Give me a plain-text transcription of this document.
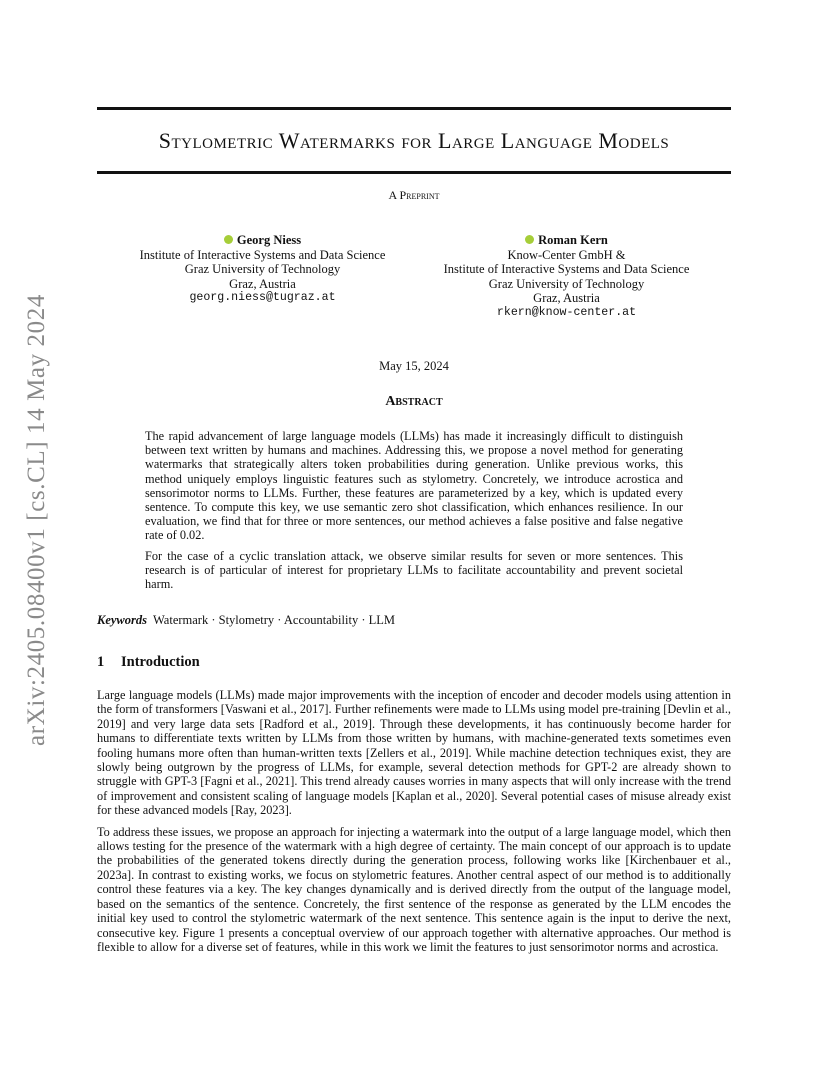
arXiv:2405.08400v1 [cs.CL] 14 May 2024
Stylometric Watermarks for Large Language Models
A Preprint
Georg Niess
Institute of Interactive Systems and Data Science
Graz University of Technology
Graz, Austria
georg.niess@tugraz.at
Roman Kern
Know-Center GmbH &
Institute of Interactive Systems and Data Science
Graz University of Technology
Graz, Austria
rkern@know-center.at
May 15, 2024
Abstract

The rapid advancement of large language models (LLMs) has made it increasingly difficult to distinguish between text written by humans and machines. Addressing this, we propose a novel method for generating watermarks that strategically alters token probabilities during generation. Unlike previous works, this method uniquely employs linguistic features such as stylometry. Concretely, we introduce acrostica and sensorimotor norms to LLMs. Further, these features are parameterized by a key, which is updated every sentence. To compute this key, we use semantic zero shot classification, which enhances resilience. In our evaluation, we find that for three or more sentences, our method achieves a false positive and false negative rate of 0.02.

For the case of a cyclic translation attack, we observe similar results for seven or more sentences. This research is of particular of interest for proprietary LLMs to facilitate accountability and prevent societal harm.

Keywords Watermark · Stylometry · Accountability · LLM
1 Introduction

Large language models (LLMs) made major improvements with the inception of encoder and decoder models using attention in the form of transformers [Vaswani et al., 2017]. Further refinements were made to LLMs using model pre-training [Devlin et al., 2019] and very large data sets [Radford et al., 2019]. Through these developments, it has continuously become harder for humans to differentiate texts written by LLMs from those written by humans, with machine-generated texts sometimes even fooling humans more often than human-written texts [Zellers et al., 2019]. While machine detection techniques exist, they are slowly being outgrown by the progress of LLMs, for example, several detection methods for GPT-2 are already shown to struggle with GPT-3 [Fagni et al., 2021]. This trend already causes worries in many aspects that will only increase with the trend of improvement and consistent scaling of language models [Kaplan et al., 2020]. Several potential cases of misuse already exist for these advanced models [Ray, 2023].

To address these issues, we propose an approach for injecting a watermark into the output of a large language model, which then allows testing for the presence of the watermark with a high degree of certainty. The main concept of our approach is to update the probabilities of the generated tokens directly during the generation process, following works like [Kirchenbauer et al., 2023a]. In contrast to existing works, we focus on stylometric features. Another central aspect of our method is to additionally control these features via a key. The key changes dynamically and is derived directly from the output of the language model, based on the semantics of the sentence. Concretely, the first sentence of the response as generated by the LLM encodes the initial key used to control the stylometric watermark of the next sentence. This sentence again is the input to derive the next, consecutive key. Figure 1 presents a conceptual overview of our approach together with alternative approaches. Our method is flexible to allow for a diverse set of features, while in this work we limit the features to just sensorimotor norms and acrostica.
